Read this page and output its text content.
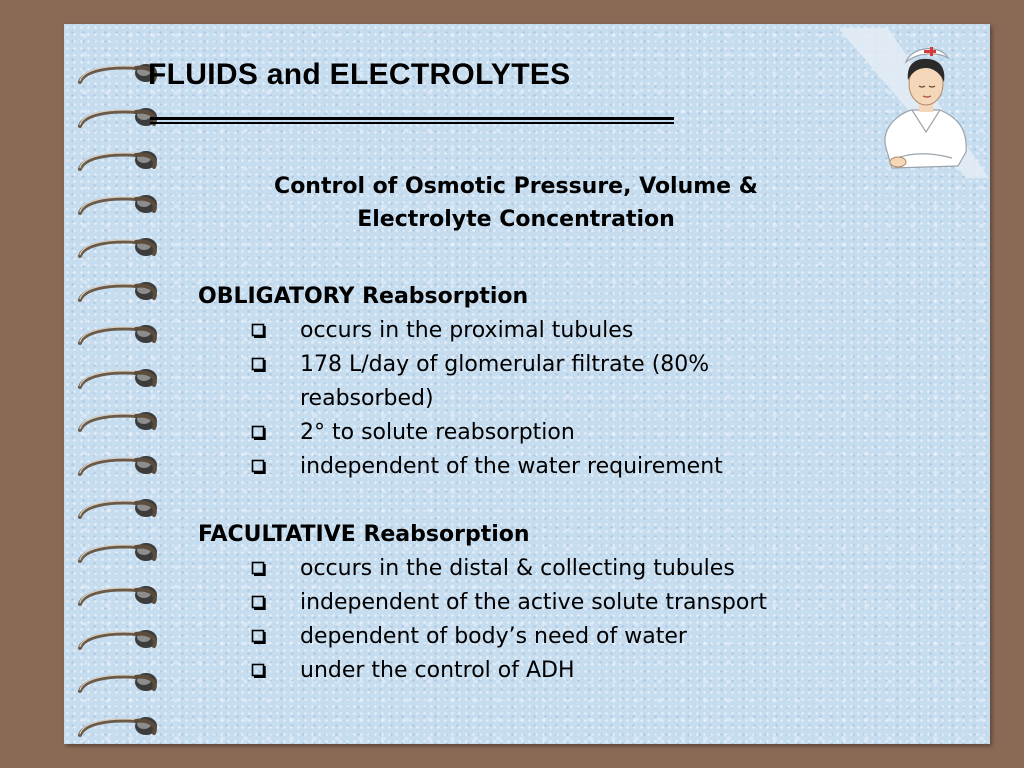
FLUIDS and ELECTROLYTES
Control of Osmotic Pressure, Volume &
Electrolyte Concentration
OBLIGATORY Reabsorption
occurs in the proximal tubules
178 L/day of glomerular filtrate (80%
reabsorbed)
2° to solute reabsorption
independent of the water requirement
FACULTATIVE Reabsorption
occurs in the distal & collecting tubules
independent of the active solute transport
dependent of body’s need of water
under the control of ADH
